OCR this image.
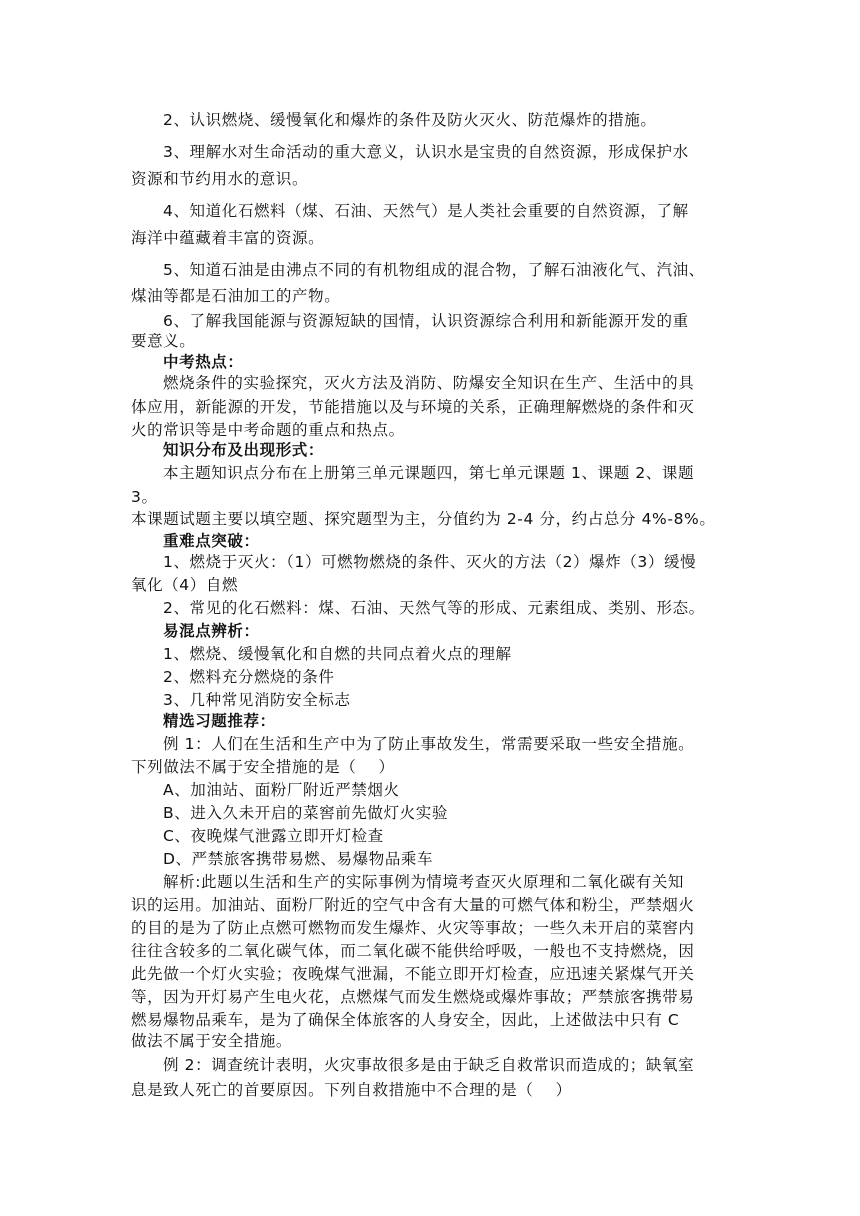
2、认识燃烧、缓慢氧化和爆炸的条件及防火灭火、防范爆炸的措施。
3、理解水对生命活动的重大意义，认识水是宝贵的自然资源，形成保护水
资源和节约用水的意识。
4、知道化石燃料（煤、石油、天然气）是人类社会重要的自然资源，了解
海洋中蕴藏着丰富的资源。
5、知道石油是由沸点不同的有机物组成的混合物，了解石油液化气、汽油、
煤油等都是石油加工的产物。
6、了解我国能源与资源短缺的国情，认识资源综合利用和新能源开发的重
要意义。
中考热点：
燃烧条件的实验探究，灭火方法及消防、防爆安全知识在生产、生活中的具
体应用，新能源的开发，节能措施以及与环境的关系，正确理解燃烧的条件和灭
火的常识等是中考命题的重点和热点。
知识分布及出现形式：
本主题知识点分布在上册第三单元课题四，第七单元课题 1、课题 2、课题
3。
本课题试题主要以填空题、探究题型为主，分值约为 2-4 分，约占总分 4%-8%。
重难点突破：
1、燃烧于灭火：（1）可燃物燃烧的条件、灭火的方法（2）爆炸（3）缓慢
氧化（4）自燃
2、常见的化石燃料：煤、石油、天然气等的形成、元素组成、类别、形态。
易混点辨析：
1、燃烧、缓慢氧化和自燃的共同点着火点的理解
2、燃料充分燃烧的条件
3、几种常见消防安全标志
精选习题推荐：
例 1：人们在生活和生产中为了防止事故发生，常需要采取一些安全措施。
下列做法不属于安全措施的是（    ）
A、加油站、面粉厂附近严禁烟火
B、进入久未开启的菜窖前先做灯火实验
C、夜晚煤气泄露立即开灯检查
D、严禁旅客携带易燃、易爆物品乘车
解析:此题以生活和生产的实际事例为情境考查灭火原理和二氧化碳有关知
识的运用。加油站、面粉厂附近的空气中含有大量的可燃气体和粉尘，严禁烟火
的目的是为了防止点燃可燃物而发生爆炸、火灾等事故；一些久未开启的菜窖内
往往含较多的二氧化碳气体，而二氧化碳不能供给呼吸，一般也不支持燃烧，因
此先做一个灯火实验；夜晚煤气泄漏，不能立即开灯检查，应迅速关紧煤气开关
等，因为开灯易产生电火花，点燃煤气而发生燃烧或爆炸事故；严禁旅客携带易
燃易爆物品乘车，是为了确保全体旅客的人身安全，因此，上述做法中只有 C
做法不属于安全措施。
例 2：调查统计表明，火灾事故很多是由于缺乏自救常识而造成的；缺氧室
息是致人死亡的首要原因。下列自救措施中不合理的是（    ）
